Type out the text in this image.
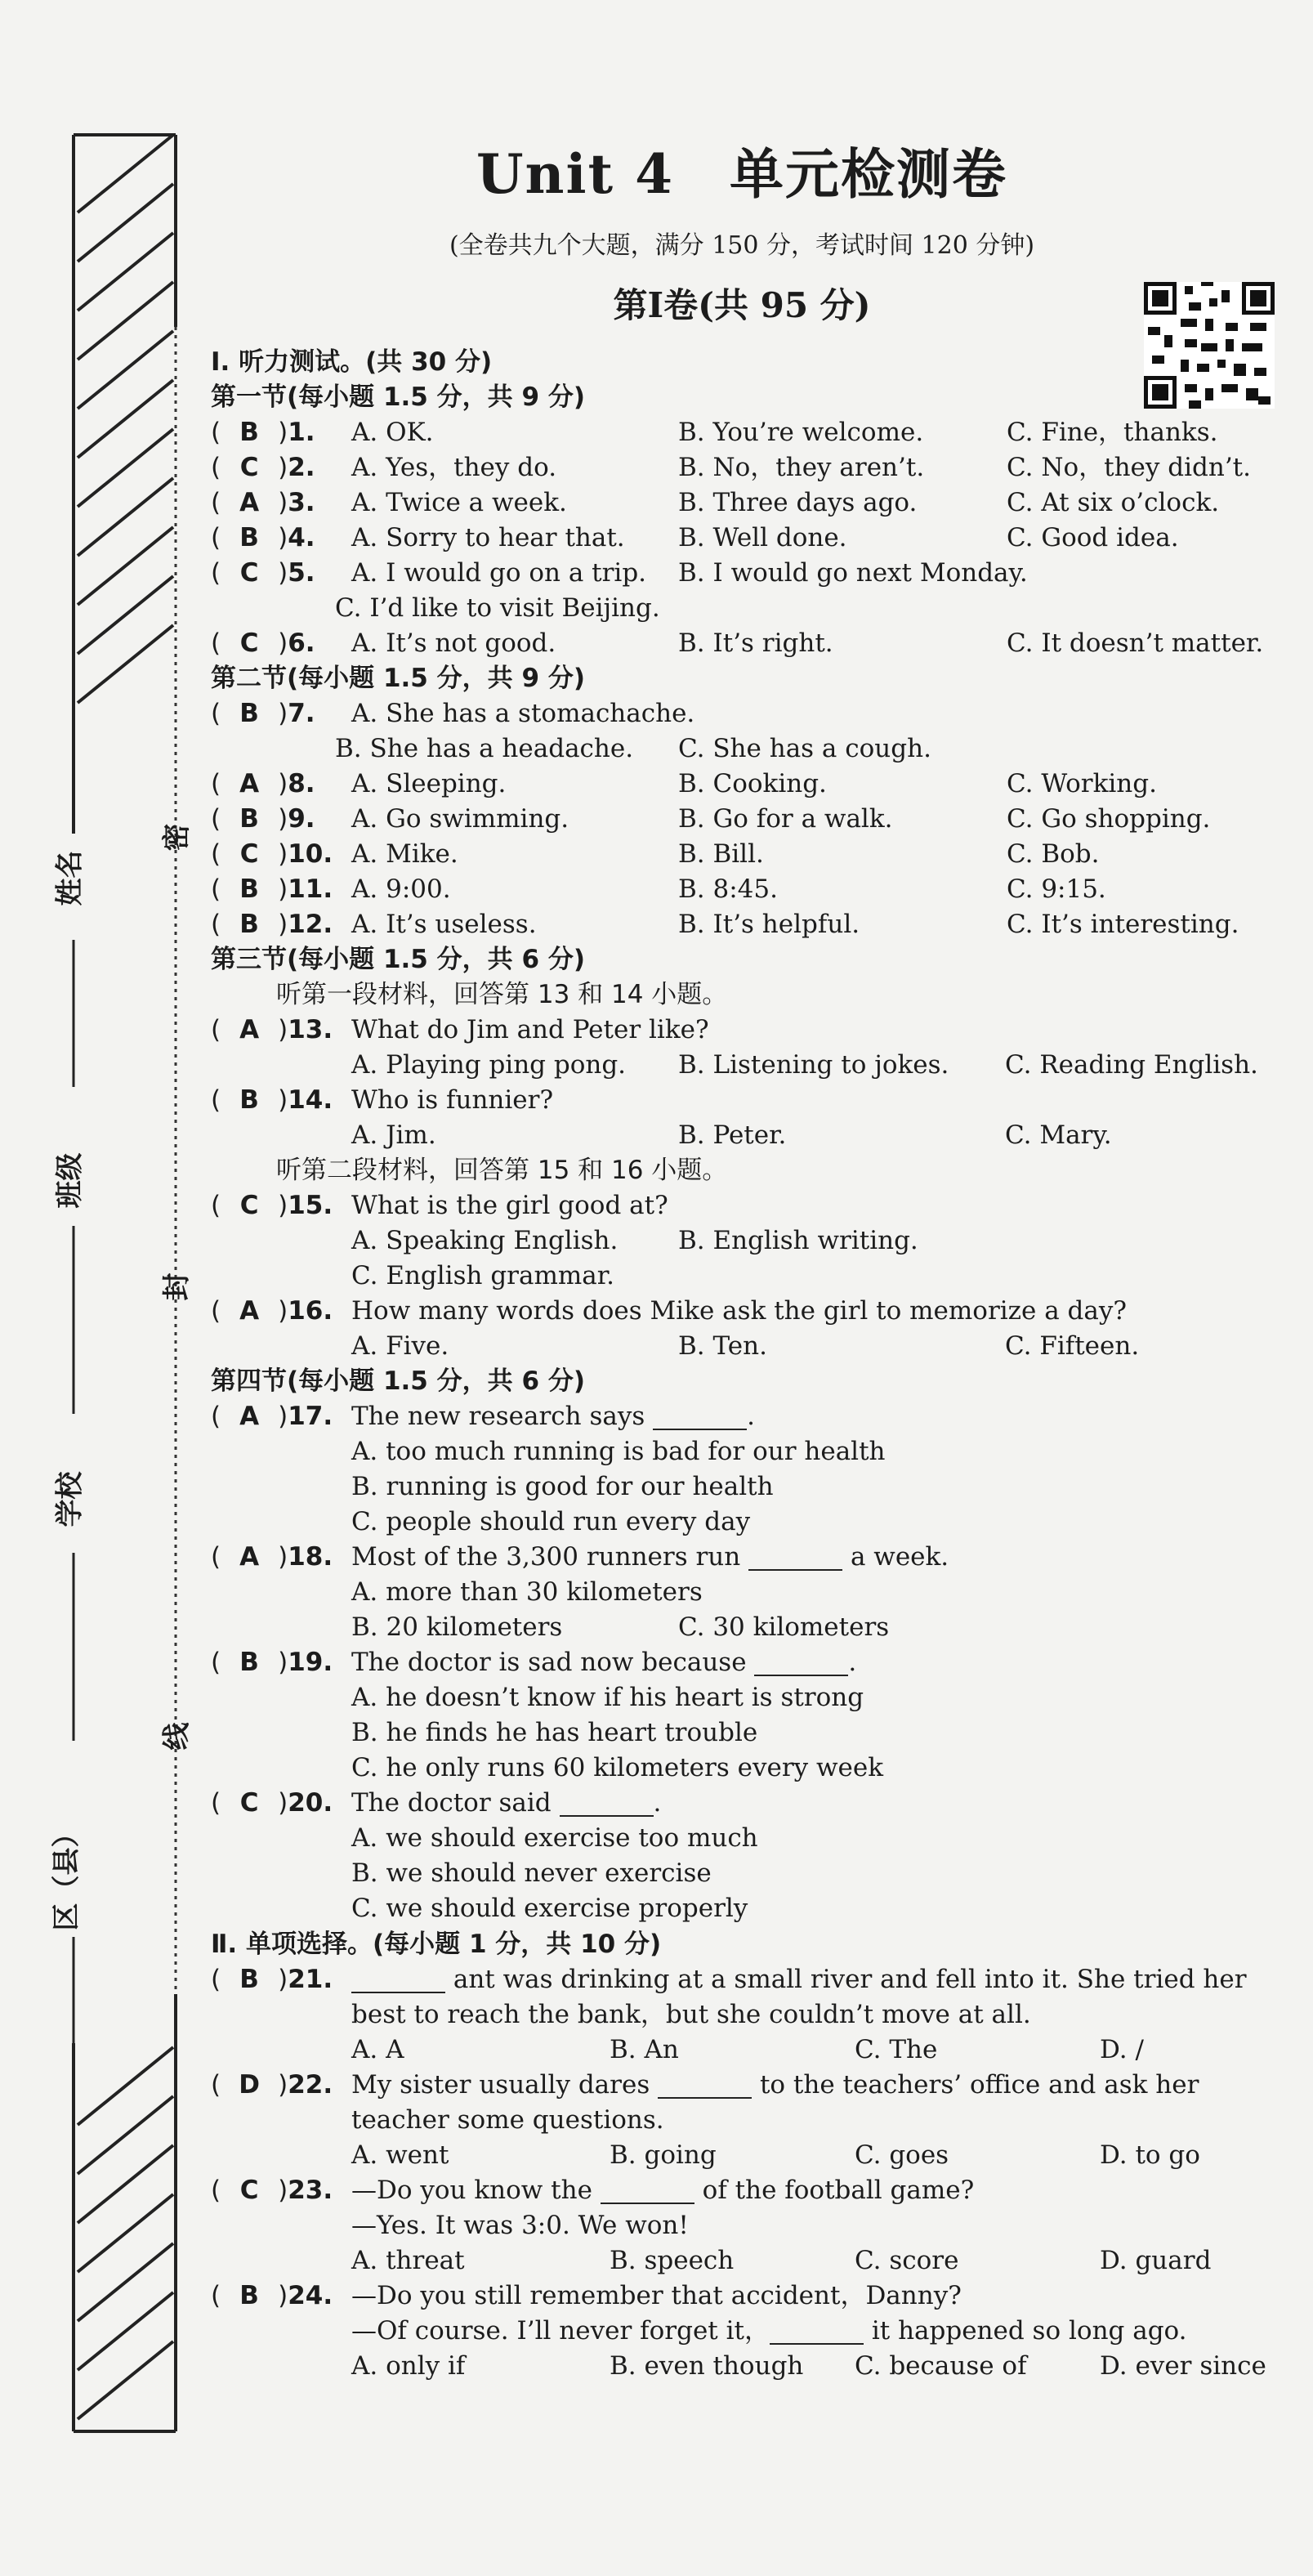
姓名
班级
学校
区（县）
密
封
线
Unit 4　单元检测卷
(全卷共九个大题，满分 150 分，考试时间 120 分钟)
第Ⅰ卷(共 95 分)
Ⅰ. 听力测试。(共 30 分)
第一节(每小题 1.5 分，共 9 分)
( B )1.	A. OK.	B. You’re welcome.	C. Fine，thanks.
( C )2.	A. Yes，they do.	B. No，they aren’t.	C. No，they didn’t.
( A )3.	A. Twice a week.	B. Three days ago.	C. At six o’clock.
( B )4.	A. Sorry to hear that.	B. Well done.	C. Good idea.
( C )5.	A. I would go on a trip.	B. I would go next Monday.
C. I’d like to visit Beijing.
( C )6.	A. It’s not good.	B. It’s right.	C. It doesn’t matter.
第二节(每小题 1.5 分，共 9 分)
( B )7.	A. She has a stomachache.
B. She has a headache.	C. She has a cough.
( A )8.	A. Sleeping.	B. Cooking.	C. Working.
( B )9.	A. Go swimming.	B. Go for a walk.	C. Go shopping.
( C )10. A. Mike.	B. Bill.	C. Bob.
( B )11. A. 9:00.	B. 8:45.	C. 9:15.
( B )12. A. It’s useless.	B. It’s helpful.	C. It’s interesting.
第三节(每小题 1.5 分，共 6 分)
听第一段材料，回答第 13 和 14 小题。
( A )13. What do Jim and Peter like?
A. Playing ping pong.	B. Listening to jokes.	C. Reading English.
( B )14. Who is funnier?
A. Jim.	B. Peter.	C. Mary.
听第二段材料，回答第 15 和 16 小题。
( C )15. What is the girl good at?
A. Speaking English.	B. English writing.
C. English grammar.
( A )16. How many words does Mike ask the girl to memorize a day?
A. Five.	B. Ten.	C. Fifteen.
第四节(每小题 1.5 分，共 6 分)
( A )17. The new research says
	.
A. too much running is bad for our health
B. running is good for our health
C. people should run every day
( A )18. Most of the 3,300 runners run

	a week.
A. more than 30 kilometers
B. 20 kilometers	C. 30 kilometers
( B )19. The doctor is sad now because
	.
A. he doesn’t know if his heart is strong
B. he finds he has heart trouble
C. he only runs 60 kilometers every week
( C )20. The doctor said
	.
A. we should exercise too much
B. we should never exercise
C. we should exercise properly
Ⅱ. 单项选择。(每小题 1 分，共 10 分)
( B )21.
	ant was drinking at a small river and fell into it. She tried her
best to reach the bank，but she couldn’t move at all.
A. A	B. An	C. The	D. /
( D )22. My sister usually dares

	to the teachers’ office and ask her
teacher some questions.
A. went	B. going	C. goes	D. to go
( C )23. —Do you know the

	of the football game?
—Yes. It was 3:0. We won!
A. threat	B. speech	C. score	D. guard
( B )24. —Do you still remember that accident，Danny?
—Of course. I’ll never forget it，
	it happened so long ago.
A. only if	B. even though	C. because of	D. ever since
